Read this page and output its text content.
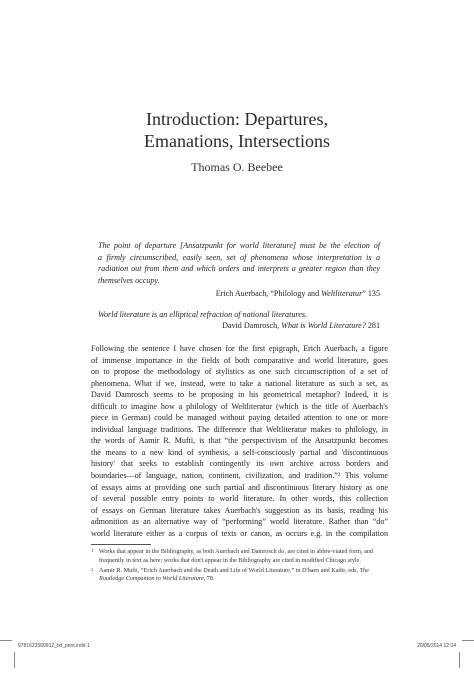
Introduction: Departures,
Emanations, Intersections
Thomas O. Beebee
The point of departure [Ansatzpunkt for world literature] must be the election of
a firmly circumscribed, easily seen, set of phenomena whose interpretation is a
radiation out from them and which orders and interprets a greater region than they
themselves occupy.
Erich Auerbach, “Philology and Weltliteratur” 135
World literature is an elliptical refraction of national literatures.
David Damrosch, What is World Literature? 281
Following the sentence I have chosen for the first epigraph, Erich Auerbach, a figure
of immense importance in the fields of both comparative and world literature, goes
on to propose the methodology of stylistics as one such circumscription of a set of
phenomena. What if we, instead, were to take a national literature as such a set, as
David Damrosch seems to be proposing in his geometrical metaphor? Indeed, it is
difficult to imagine how a philology of Weltliteratur (which is the title of Auerbach's
piece in German) could be managed without paying detailed attention to one or more
individual language traditions. The difference that Weltliteratur makes to philology, in
the words of Aamir R. Mufti, is that “the perspectivism of the Ansatzpunkt becomes
the means to a new kind of synthesis, a self-consciously partial and 'discontinuous
history' that seeks to establish contingently its own archive across borders and
boundaries—of language, nation, continent, civilization, and tradition.”² This volume
of essays aims at providing one such partial and discontinuous literary history as one
of several possible entry points to world literature. In other words, this collection
of essays on German literature takes Auerbach's suggestion as its basis, reading his
admonition as an alternative way of “performing” world literature. Rather than “do”
world literature either as a corpus of texts or canon, as occurs e.g. in the compilation
1 Works that appear in the Bibliography, as both Auerbach and Damrosch do, are cited in abbre-viated form, and frequently in text as here; works that don't appear in the Bibliography are cited in modified Chicago style.
2 Aamir R. Mufti, “Erich Auerbach and the Death and Life of World Literature,” in D'haen and Kadir, eds, The Routledge Companion to World Literature, 78.
9781623560912_txt_print.indd 1	20/05/2014 12:04
